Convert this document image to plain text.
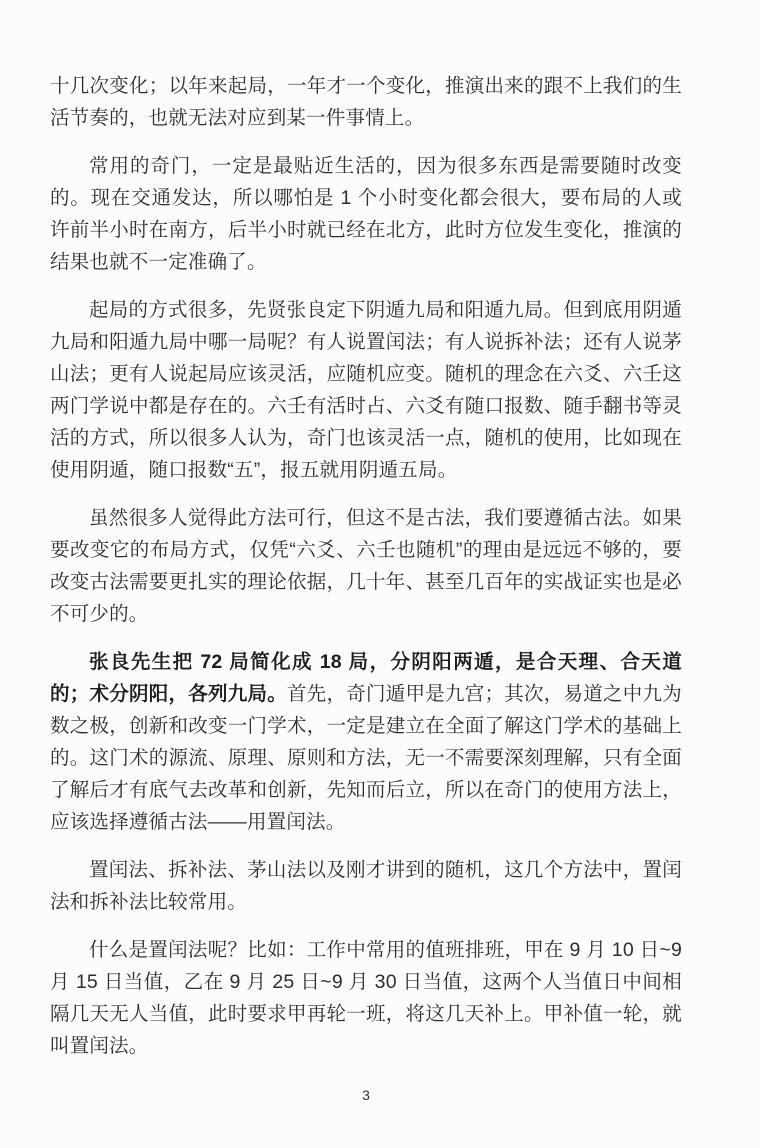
十几次变化；以年来起局，一年才一个变化，推演出来的跟不上我们的生活节奏的，也就无法对应到某一件事情上。

常用的奇门，一定是最贴近生活的，因为很多东西是需要随时改变的。现在交通发达，所以哪怕是 1 个小时变化都会很大，要布局的人或许前半小时在南方，后半小时就已经在北方，此时方位发生变化，推演的结果也就不一定准确了。

起局的方式很多，先贤张良定下阴遁九局和阳遁九局。但到底用阴遁九局和阳遁九局中哪一局呢？有人说置闰法；有人说拆补法；还有人说茅山法；更有人说起局应该灵活，应随机应变。随机的理念在六爻、六壬这两门学说中都是存在的。六壬有活时占、六爻有随口报数、随手翻书等灵活的方式，所以很多人认为，奇门也该灵活一点，随机的使用，比如现在使用阴遁，随口报数“五”，报五就用阴遁五局。

虽然很多人觉得此方法可行，但这不是古法，我们要遵循古法。如果要改变它的布局方式，仅凭“六爻、六壬也随机”的理由是远远不够的，要改变古法需要更扎实的理论依据，几十年、甚至几百年的实战证实也是必不可少的。

张良先生把 72 局简化成 18 局，分阴阳两遁，是合天理、合天道的；术分阴阳，各列九局。首先，奇门遁甲是九宫；其次，易道之中九为数之极，创新和改变一门学术，一定是建立在全面了解这门学术的基础上的。这门术的源流、原理、原则和方法，无一不需要深刻理解，只有全面了解后才有底气去改革和创新，先知而后立，所以在奇门的使用方法上，应该选择遵循古法——用置闰法。

置闰法、拆补法、茅山法以及刚才讲到的随机，这几个方法中，置闰法和拆补法比较常用。

什么是置闰法呢？比如：工作中常用的值班排班，甲在 9 月 10 日~9 月 15 日当值，乙在 9 月 25 日~9 月 30 日当值，这两个人当值日中间相隔几天无人当值，此时要求甲再轮一班，将这几天补上。甲补值一轮，就叫置闰法。

3
